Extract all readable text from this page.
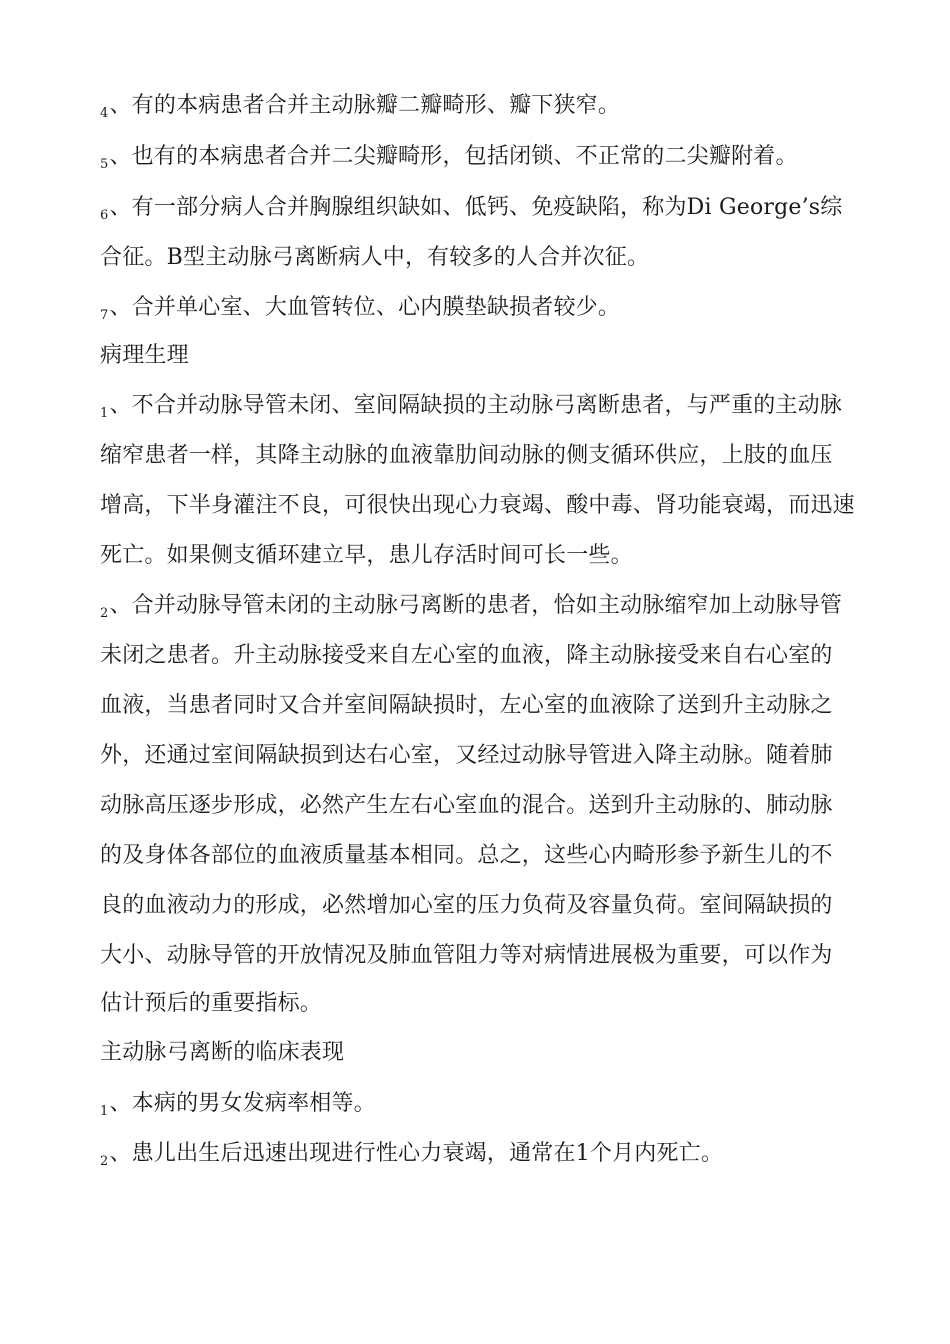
$_4$、有的本病患者合并主动脉瓣二瓣畸形、瓣下狭窄。
$_5$、也有的本病患者合并二尖瓣畸形，包括闭锁、不正常的二尖瓣附着。
$_6$、有一部分病人合并胸腺组织缺如、低钙、免疫缺陷，称为Di George’s综
合征。B型主动脉弓离断病人中，有较多的人合并次征。
$_7$、合并单心室、大血管转位、心内膜垫缺损者较少。
病理生理
$_1$、不合并动脉导管未闭、室间隔缺损的主动脉弓离断患者，与严重的主动脉
缩窄患者一样，其降主动脉的血液靠肋间动脉的侧支循环供应，上肢的血压
增高，下半身灌注不良，可很快出现心力衰竭、酸中毒、肾功能衰竭，而迅速
死亡。如果侧支循环建立早，患儿存活时间可长一些。
$_2$、合并动脉导管未闭的主动脉弓离断的患者，恰如主动脉缩窄加上动脉导管
未闭之患者。升主动脉接受来自左心室的血液，降主动脉接受来自右心室的
血液，当患者同时又合并室间隔缺损时，左心室的血液除了送到升主动脉之
外，还通过室间隔缺损到达右心室，又经过动脉导管进入降主动脉。随着肺
动脉高压逐步形成，必然产生左右心室血的混合。送到升主动脉的、肺动脉
的及身体各部位的血液质量基本相同。总之，这些心内畸形参予新生儿的不
良的血液动力的形成，必然增加心室的压力负荷及容量负荷。室间隔缺损的
大小、动脉导管的开放情况及肺血管阻力等对病情进展极为重要，可以作为
估计预后的重要指标。
主动脉弓离断的临床表现
$_1$、本病的男女发病率相等。
$_2$、患儿出生后迅速出现进行性心力衰竭，通常在1个月内死亡。
